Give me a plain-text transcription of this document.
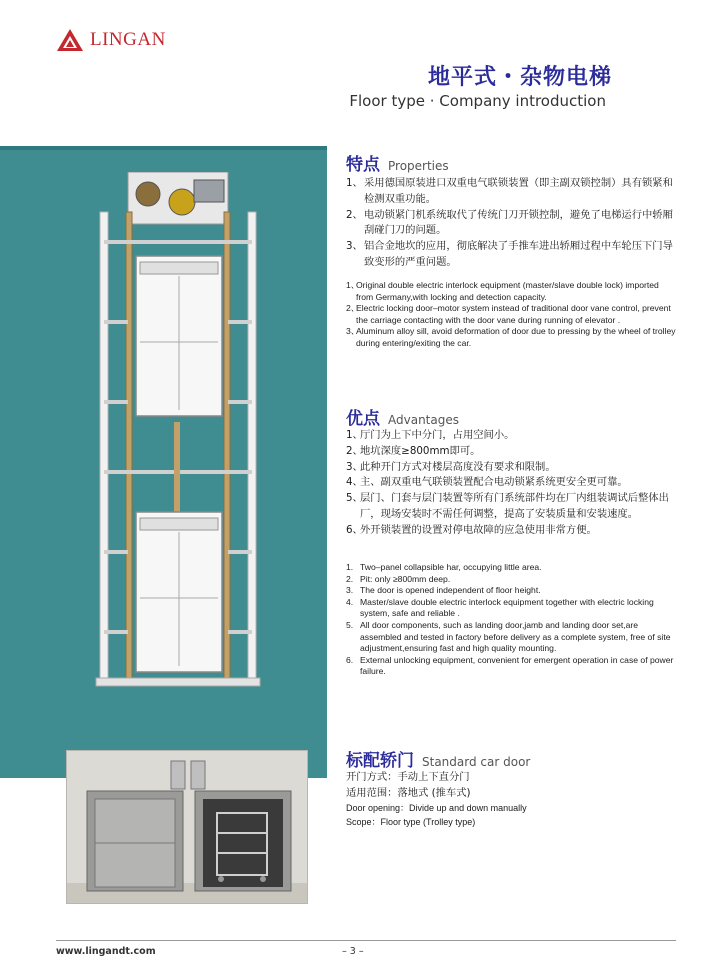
LINGAN
地平式・杂物电梯
Floor type · Company introduction
特点 Properties
1、 采用德国原装进口双重电气联锁装置（即主副双锁控制）具有锁紧和检测双重功能。
2、 电动锁紧门机系统取代了传统门刀开锁控制，避免了电梯运行中轿厢刮碰门刀的问题。
3、 铝合金地坎的应用，彻底解决了手推车进出轿厢过程中车轮压下门导致变形的严重问题。
1、
Original double electric interlock equipment (master/slave double lock) imported from Germany,with locking and detection capacity.
2、
Electric locking door–motor system instead of traditional door vane control, prevent the carriage contacting with the door vane during running of elevator .
3、
Aluminum alloy sill, avoid deformation of door due to pressing by the wheel of trolley during entering/exiting the car.
优点 Advantages
1、
厅门为上下中分门，占用空间小。
2、
地坑深度≥800mm即可。
3、
此种开门方式对楼层高度没有要求和限制。
4、
主、副双重电气联锁装置配合电动锁紧系统更安全更可靠。
5、
层门、门套与层门装置等所有门系统部件均在厂内组装调试后整体出厂，现场安装时不需任何调整，提高了安装质量和安装速度。
6、
外开锁装置的设置对停电故障的应急使用非常方便。
1. Two–panel collapsible har, occupying little area.
2. Pit: only ≥800mm deep.
3. The door is opened independent of floor height.
4. Master/slave double electric interlock equipment together with electric locking system, safe and reliable .
5. All door components, such as landing door,jamb and landing door set,are assembled and tested in factory before delivery as a complete system, free of site adjustment,ensuring fast and high quality mounting.
6. External unlocking equipment, convenient for emergent operation in case of power failure.
标配轿门 Standard car door
开门方式：手动上下直分门
适用范围：落地式 (推车式)
Door opening：Divide up and down manually
Scope：Floor type (Trolley type)
www.lingandt.com	– 3 –
